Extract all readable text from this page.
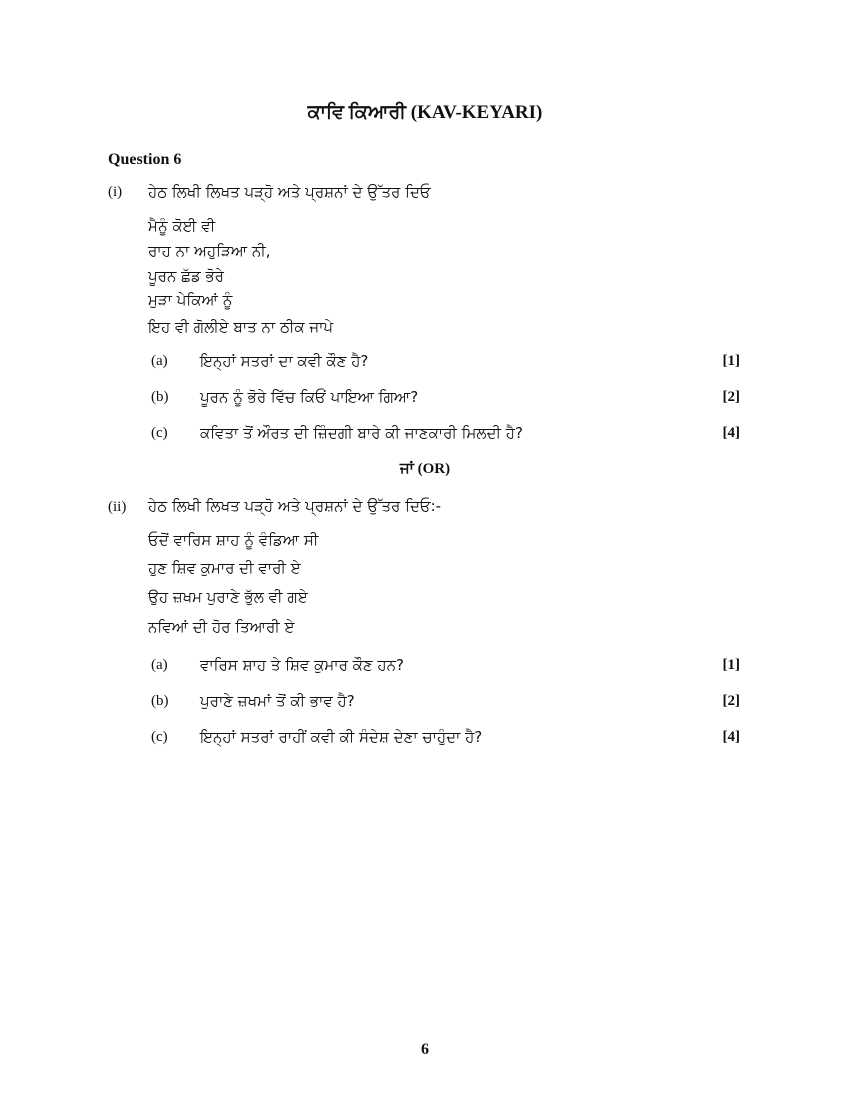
ਕਾਵਿ ਕਿਆਰੀ (KAV-KEYARI)
Question 6
(i) ਹੇਠ ਲਿਖੀ ਲਿਖਤ ਪੜ੍ਹੋ ਅਤੇ ਪ੍ਰਸ਼ਨਾਂ ਦੇ ਉੱਤਰ ਦਿਓ
ਮੈਨੂੰ ਕੋਈ ਵੀ
ਰਾਹ ਨਾ ਅਹੁੜਿਆ ਨੀ,
ਪੂਰਨ ਛੱਡ ਭੋਰੇ
ਮੁੜਾ ਪੇਕਿਆਂ ਨੂੰ
ਇਹ ਵੀ ਗੋਲੀਏ ਬਾਤ ਨਾ ਠੀਕ ਜਾਪੇ
(a) ਇਨ੍ਹਾਂ ਸਤਰਾਂ ਦਾ ਕਵੀ ਕੌਣ ਹੈ?	[1]
(b) ਪੂਰਨ ਨੂੰ ਭੋਰੇ ਵਿੱਚ ਕਿਓਂ ਪਾਇਆ ਗਿਆ?	[2]
(c) ਕਵਿਤਾ ਤੋਂ ਔਰਤ ਦੀ ਜ਼ਿੰਦਗੀ ਬਾਰੇ ਕੀ ਜਾਣਕਾਰੀ ਮਿਲਦੀ ਹੈ?	[4]
ਜਾਂ (OR)
(ii) ਹੇਠ ਲਿਖੀ ਲਿਖਤ ਪੜ੍ਹੋ ਅਤੇ ਪ੍ਰਸ਼ਨਾਂ ਦੇ ਉੱਤਰ ਦਿਓ:-
ਓਦੋਂ ਵਾਰਿਸ ਸ਼ਾਹ ਨੂੰ ਵੰਡਿਆ ਸੀ
ਹੁਣ ਸ਼ਿਵ ਕੁਮਾਰ ਦੀ ਵਾਰੀ ਏ
ਉਹ ਜ਼ਖਮ ਪੁਰਾਣੇ ਭੁੱਲ ਵੀ ਗਏ
ਨਵਿਆਂ ਦੀ ਹੋਰ ਤਿਆਰੀ ਏ
(a) ਵਾਰਿਸ ਸ਼ਾਹ ਤੇ ਸ਼ਿਵ ਕੁਮਾਰ ਕੌਣ ਹਨ?	[1]
(b) ਪੁਰਾਣੇ ਜ਼ਖਮਾਂ ਤੋਂ ਕੀ ਭਾਵ ਹੈ?	[2]
(c) ਇਨ੍ਹਾਂ ਸਤਰਾਂ ਰਾਹੀਂ ਕਵੀ ਕੀ ਸੰਦੇਸ਼ ਦੇਣਾ ਚਾਹੁੰਦਾ ਹੈ?	[4]
6
